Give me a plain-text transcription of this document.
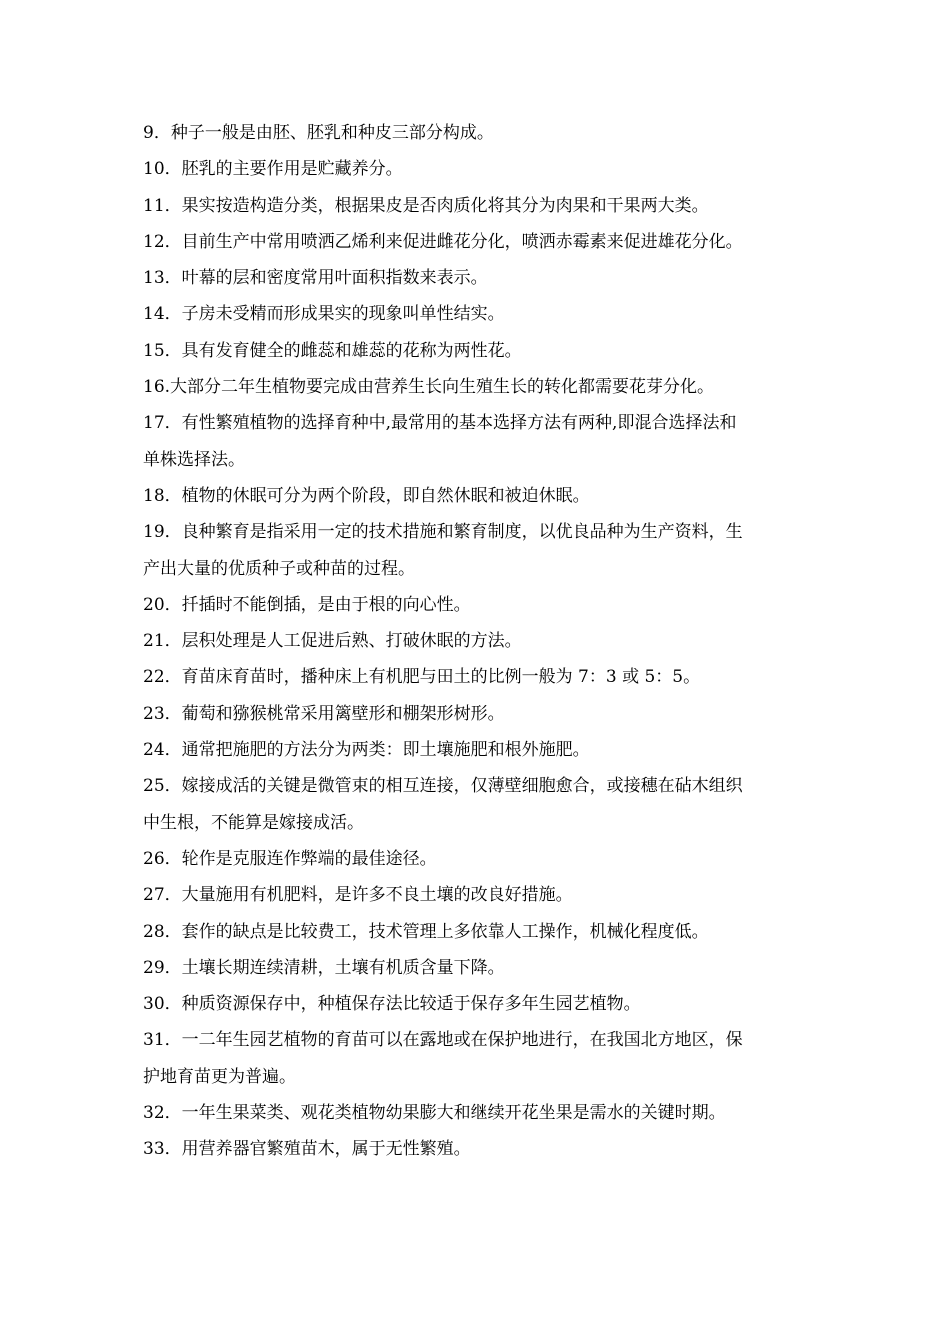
9．种子一般是由胚、胚乳和种皮三部分构成。
10．胚乳的主要作用是贮藏养分。
11．果实按造构造分类，根据果皮是否肉质化将其分为肉果和干果两大类。
12．目前生产中常用喷洒乙烯利来促进雌花分化，喷洒赤霉素来促进雄花分化。
13．叶幕的层和密度常用叶面积指数来表示。
14．子房未受精而形成果实的现象叫单性结实。
15．具有发育健全的雌蕊和雄蕊的花称为两性花。
16.大部分二年生植物要完成由营养生长向生殖生长的转化都需要花芽分化。
17．有性繁殖植物的选择育种中,最常用的基本选择方法有两种,即混合选择法和
单株选择法。
18．植物的休眠可分为两个阶段，即自然休眠和被迫休眠。
19．良种繁育是指采用一定的技术措施和繁育制度，以优良品种为生产资料，生
产出大量的优质种子或种苗的过程。
20．扦插时不能倒插，是由于根的向心性。
21．层积处理是人工促进后熟、打破休眠的方法。
22．育苗床育苗时，播种床上有机肥与田土的比例一般为 7：3 或 5：5。
23．葡萄和猕猴桃常采用篱壁形和棚架形树形。
24．通常把施肥的方法分为两类：即土壤施肥和根外施肥。
25．嫁接成活的关键是微管束的相互连接，仅薄壁细胞愈合，或接穗在砧木组织
中生根，不能算是嫁接成活。
26．轮作是克服连作弊端的最佳途径。
27．大量施用有机肥料，是许多不良土壤的改良好措施。
28．套作的缺点是比较费工，技术管理上多依靠人工操作，机械化程度低。
29．土壤长期连续清耕，土壤有机质含量下降。
30．种质资源保存中，种植保存法比较适于保存多年生园艺植物。
31．一二年生园艺植物的育苗可以在露地或在保护地进行，在我国北方地区，保
护地育苗更为普遍。
32．一年生果菜类、观花类植物幼果膨大和继续开花坐果是需水的关键时期。
33．用营养器官繁殖苗木，属于无性繁殖。
